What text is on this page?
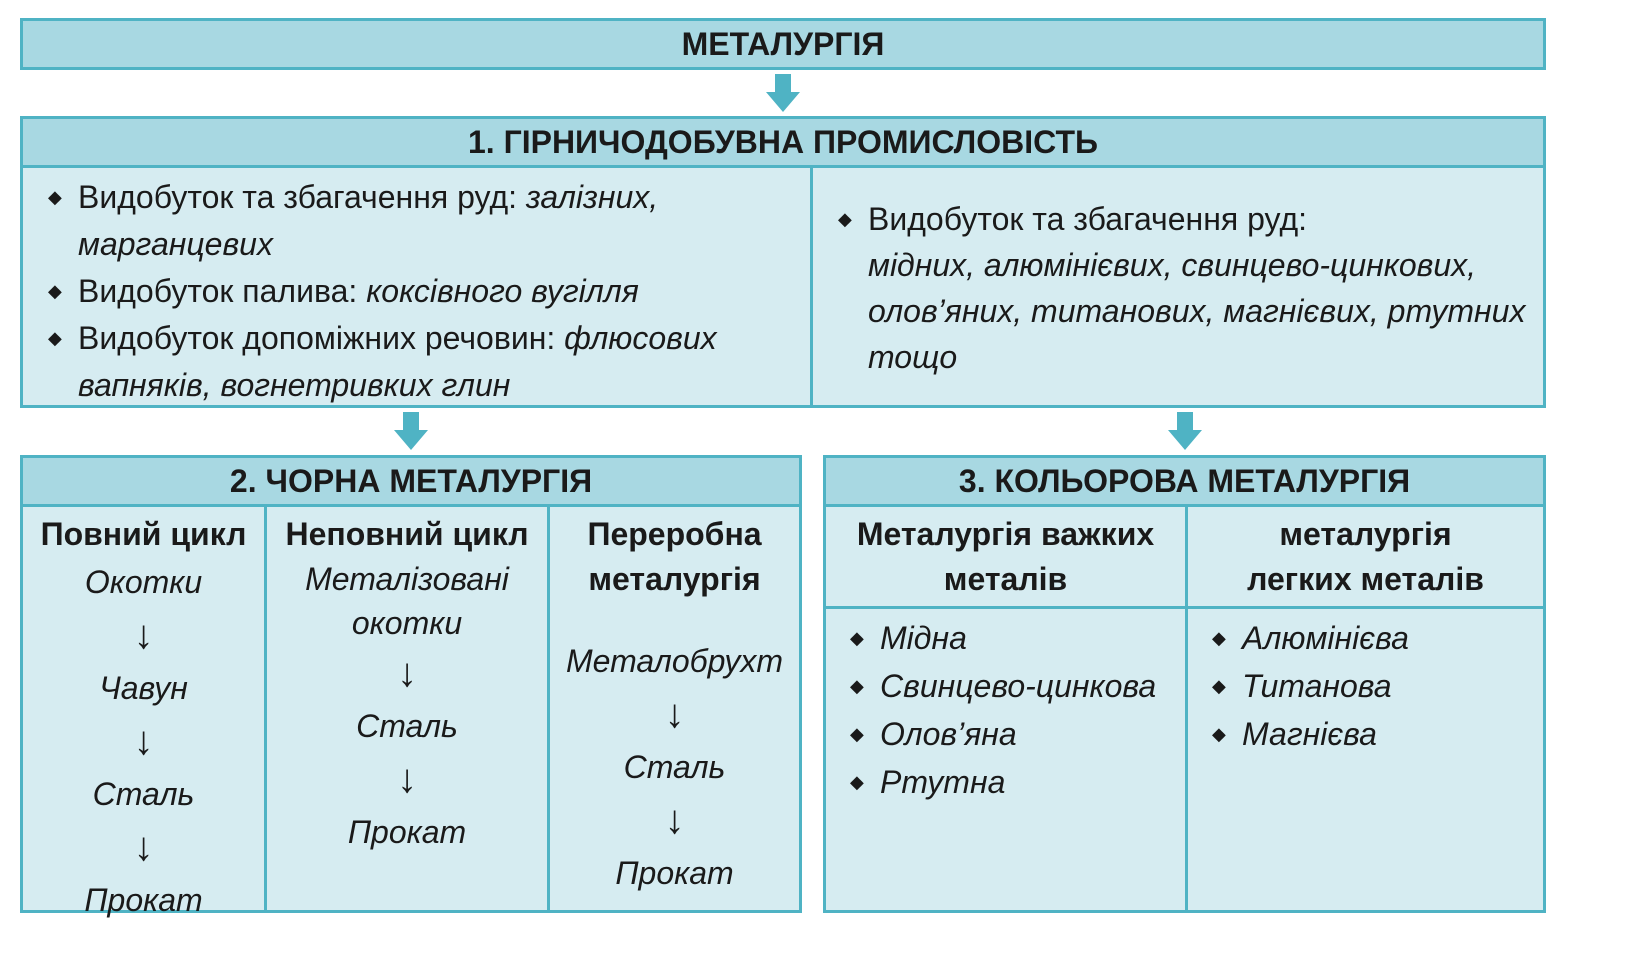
МЕТАЛУРГІЯ
1. ГІРНИЧОДОБУВНА ПРОМИСЛОВІСТЬ
◆ Видобуток та збагачення руд: залізних, марганцевих
◆ Видобуток палива: коксівного вугілля
◆ Видобуток допоміжних речовин: флюсових вапняків, вогнетривких глин
◆ Видобуток та збагачення руд:
мідних, алюмінієвих, свинцево-цинкових, олов’яних, титанових, магнієвих, ртутних тощо
2. ЧОРНА МЕТАЛУРГІЯ
Повний цикл
Окотки
↓
Чавун
↓
Сталь
↓
Прокат
Неповний цикл
Металізовані окотки
↓
Сталь
↓
Прокат
Переробна металургія
Металобрухт
↓
Сталь
↓
Прокат
3. КОЛЬОРОВА МЕТАЛУРГІЯ
Металургія важких металів
металургія легких металів
◆ Мідна
◆ Свинцево-цинкова
◆ Олов’яна
◆ Ртутна
◆ Алюмінієва
◆ Титанова
◆ Магнієва
